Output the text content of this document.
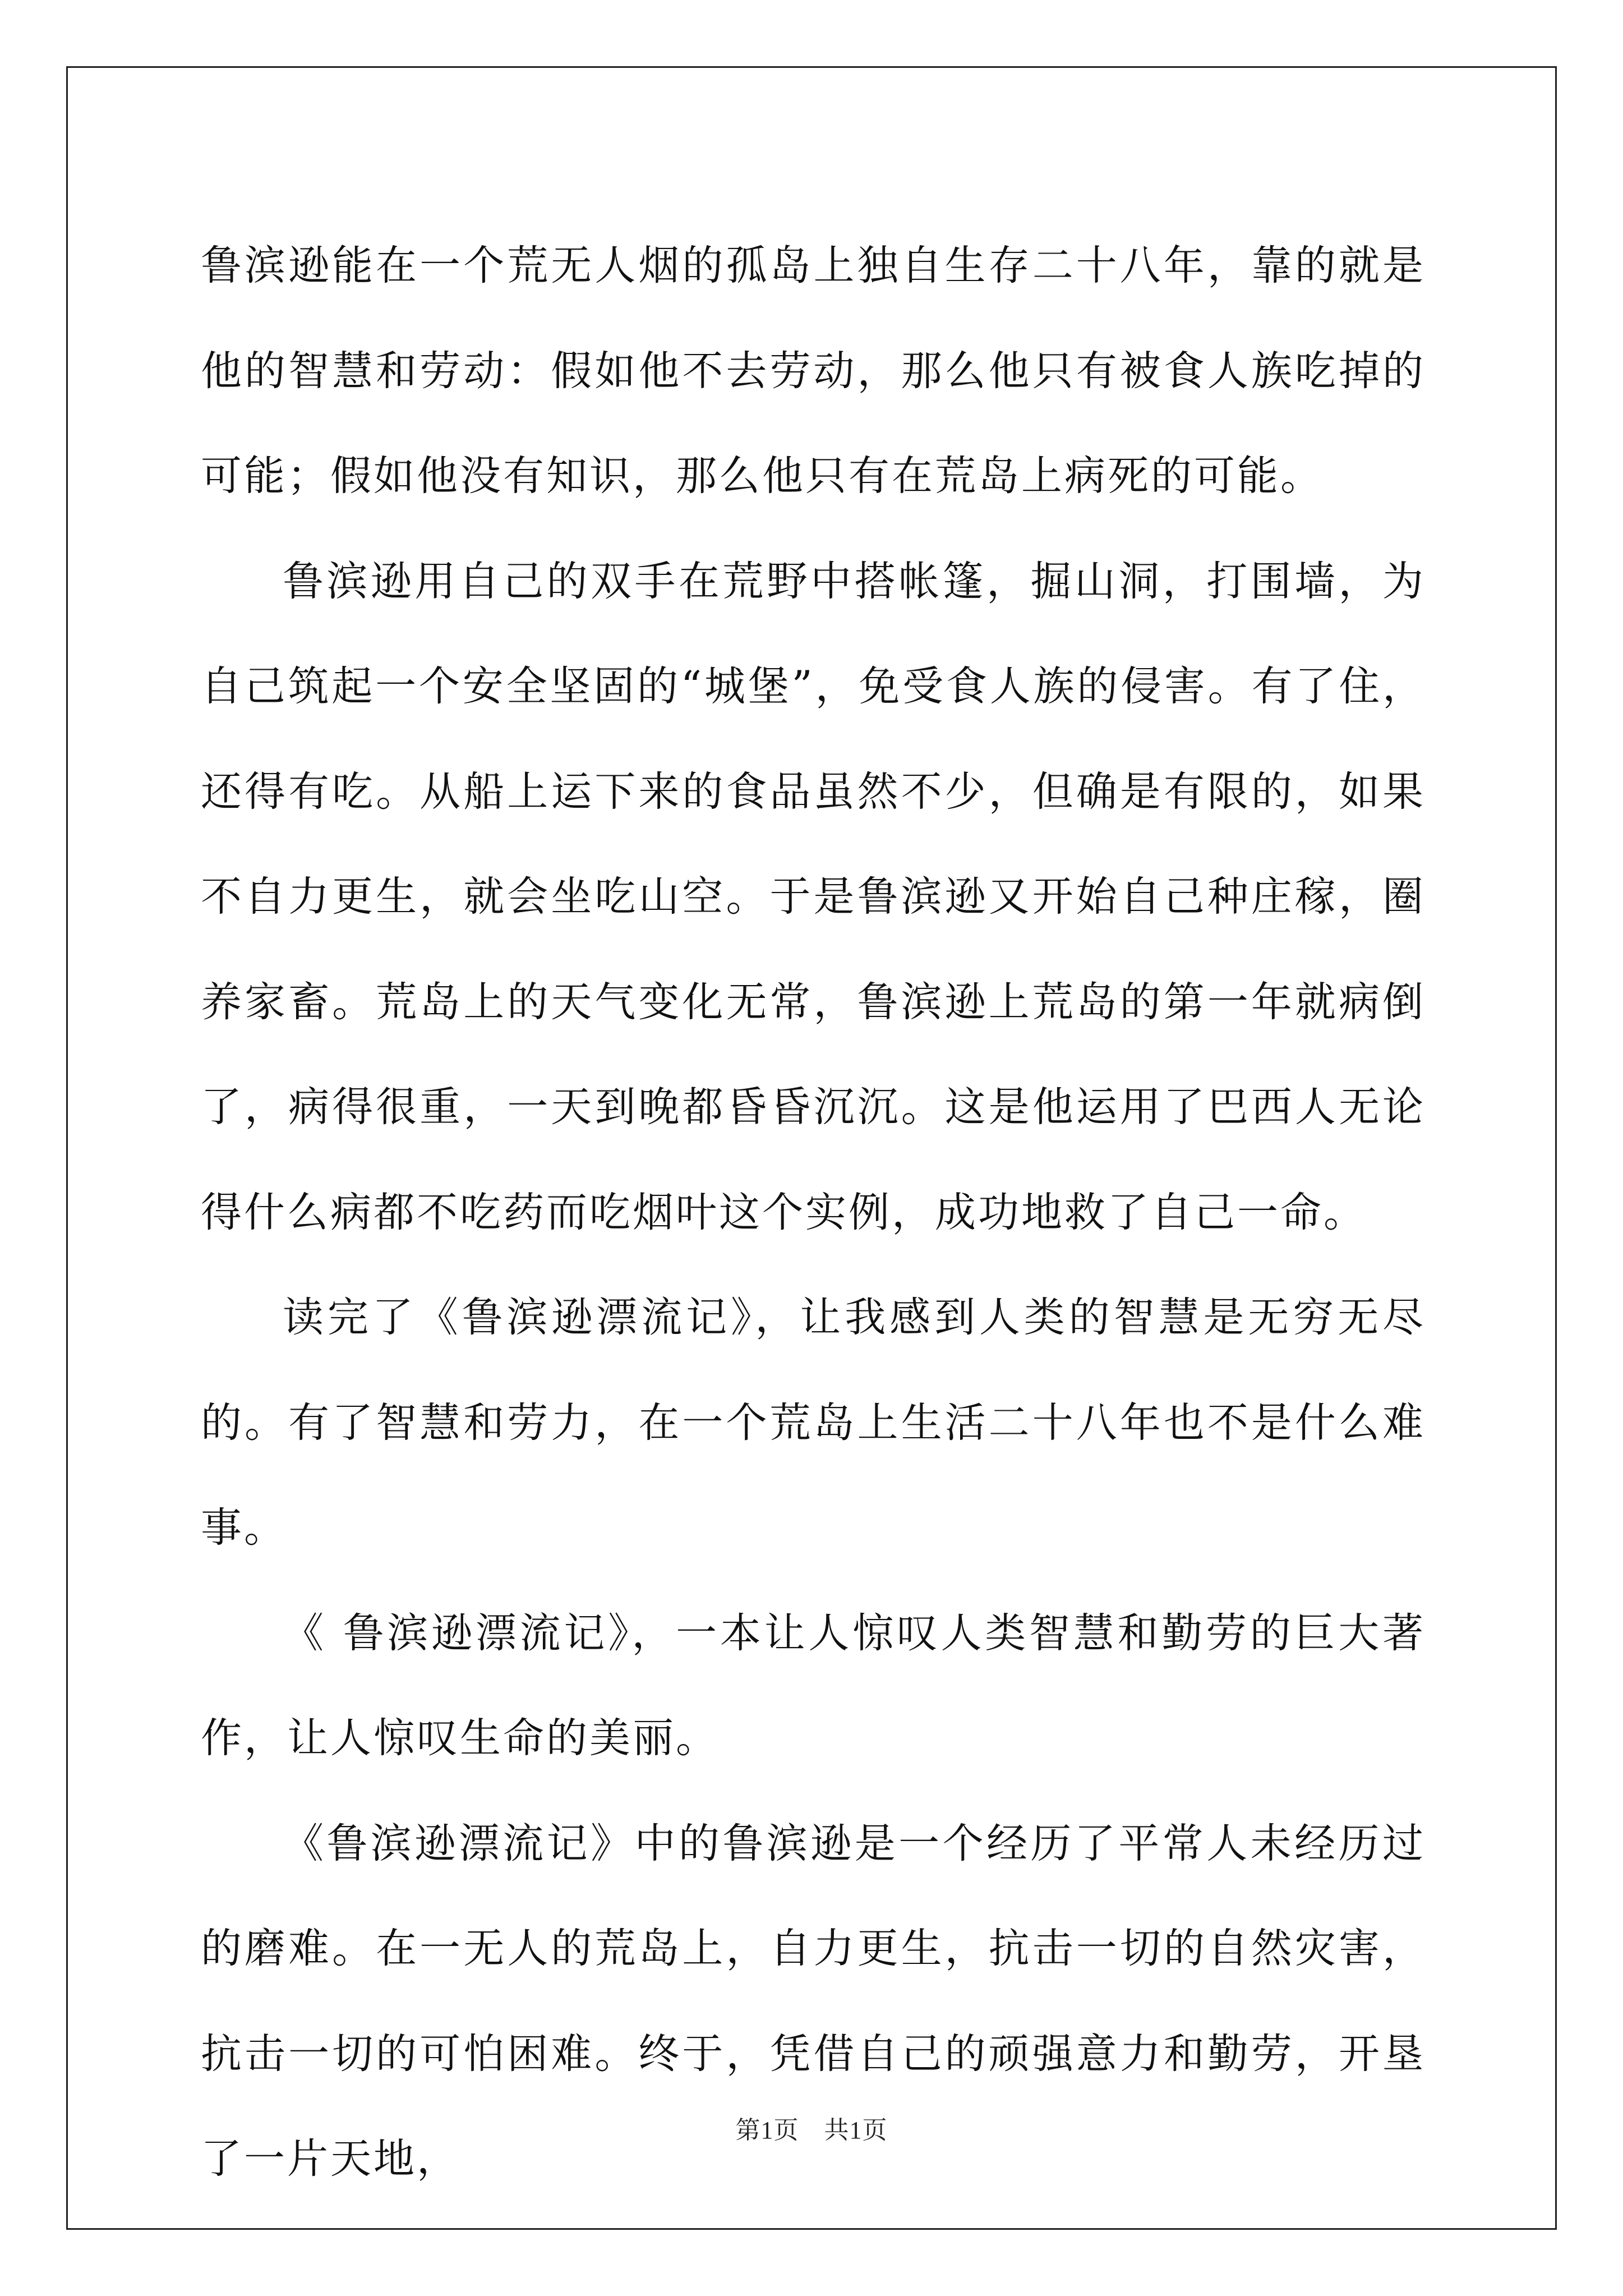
鲁滨逊能在一个荒无人烟的孤岛上独自生存二十八年，靠的就是他的智慧和劳动：假如他不去劳动，那么他只有被食人族吃掉的可能；假如他没有知识，那么他只有在荒岛上病死的可能。

鲁滨逊用自己的双手在荒野中搭帐篷，掘山洞，打围墙，为自己筑起一个安全坚固的“城堡”，免受食人族的侵害。有了住，还得有吃。从船上运下来的食品虽然不少，但确是有限的，如果不自力更生，就会坐吃山空。于是鲁滨逊又开始自己种庄稼，圈养家畜。荒岛上的天气变化无常，鲁滨逊上荒岛的第一年就病倒了，病得很重，一天到晚都昏昏沉沉。这是他运用了巴西人无论得什么病都不吃药而吃烟叶这个实例，成功地救了自己一命。

读完了《鲁滨逊漂流记》，让我感到人类的智慧是无穷无尽的。有了智慧和劳力，在一个荒岛上生活二十八年也不是什么难事。

《 鲁滨逊漂流记》，一本让人惊叹人类智慧和勤劳的巨大著作，让人惊叹生命的美丽。

《鲁滨逊漂流记》中的鲁滨逊是一个经历了平常人未经历过的磨难。在一无人的荒岛上，自力更生，抗击一切的自然灾害，抗击一切的可怕困难。终于，凭借自己的顽强意力和勤劳，开垦了一片天地，

第1页　共1页
